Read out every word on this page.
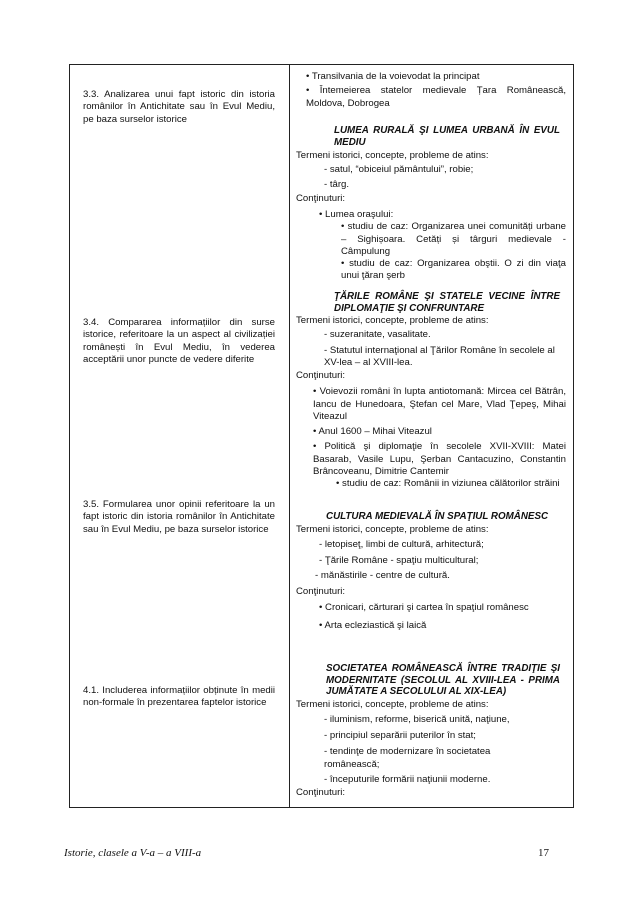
3.3. Analizarea unui fapt istoric din istoria românilor în Antichitate sau în Evul Mediu, pe baza surselor istorice
3.4. Compararea informațiilor din surse istorice, referitoare la un aspect al civilizației românești în Evul Mediu, în vederea acceptării unor puncte de vedere diferite
3.5. Formularea unor opinii referitoare la un fapt istoric din istoria românilor în Antichitate sau în Evul Mediu, pe baza surselor istorice
4.1. Includerea informațiilor obținute în medii non-formale în prezentarea faptelor istorice

• Transilvania de la voievodat la principat

• Întemeierea statelor medievale Țara Românească, Moldova, Dobrogea

LUMEA RURALĂ ŞI LUMEA URBANĂ ÎN EVUL MEDIU

Termeni istorici, concepte, probleme de atins:

- satul, “obiceiul pământului”, robie;

- târg.

Conţinuturi:

• Lumea oraşului:

• studiu de caz: Organizarea unei comunități urbane – Sighișoara. Cetăți și târguri medievale - Câmpulung

• studiu de caz: Organizarea obştii. O zi din viaţa unui ţăran şerb

ŢĂRILE ROMÂNE ŞI STATELE VECINE ÎNTRE DIPLOMAŢIE ŞI CONFRUNTARE

Termeni istorici, concepte, probleme de atins:

- suzeranitate, vasalitate.

- Statutul internaţional al Ţărilor Române în secolele al XV-lea – al XVIII-lea.

Conţinuturi:

• Voievozii români în lupta antiotomană: Mircea cel Bătrân, Iancu de Hunedoara, Ştefan cel Mare, Vlad Ţepeş, Mihai Viteazul

• Anul 1600 – Mihai Viteazul

• Politică şi diplomaţie în secolele XVII-XVIII: Matei Basarab, Vasile Lupu, Şerban Cantacuzino, Constantin Brâncoveanu, Dimitrie Cantemir

• studiu de caz: Românii in viziunea călătorilor străini

CULTURA MEDIEVALĂ ÎN SPAŢIUL ROMÂNESC

Termeni istorici, concepte, probleme de atins:

- letopiseţ, limbi de cultură, arhitectură;

- Ţările Române - spaţiu multicultural;

- mănăstirile - centre de cultură.

Conţinuturi:

• Cronicari, cărturari şi cartea în spaţiul românesc

• Arta ecleziastică şi laică

SOCIETATEA ROMÂNEASCĂ ÎNTRE TRADIŢIE ŞI MODERNITATE (SECOLUL AL XVIII-LEA - PRIMA JUMĂTATE A SECOLULUI AL XIX-LEA)

Termeni istorici, concepte, probleme de atins:

- iluminism, reforme, biserică unită, naţiune,

- principiul separării puterilor în stat;

- tendinţe de modernizare în societatea românească;

- începuturile formării naţiunii moderne.

Conţinuturi:

Istorie, clasele a V-a – a VIII-a	17
